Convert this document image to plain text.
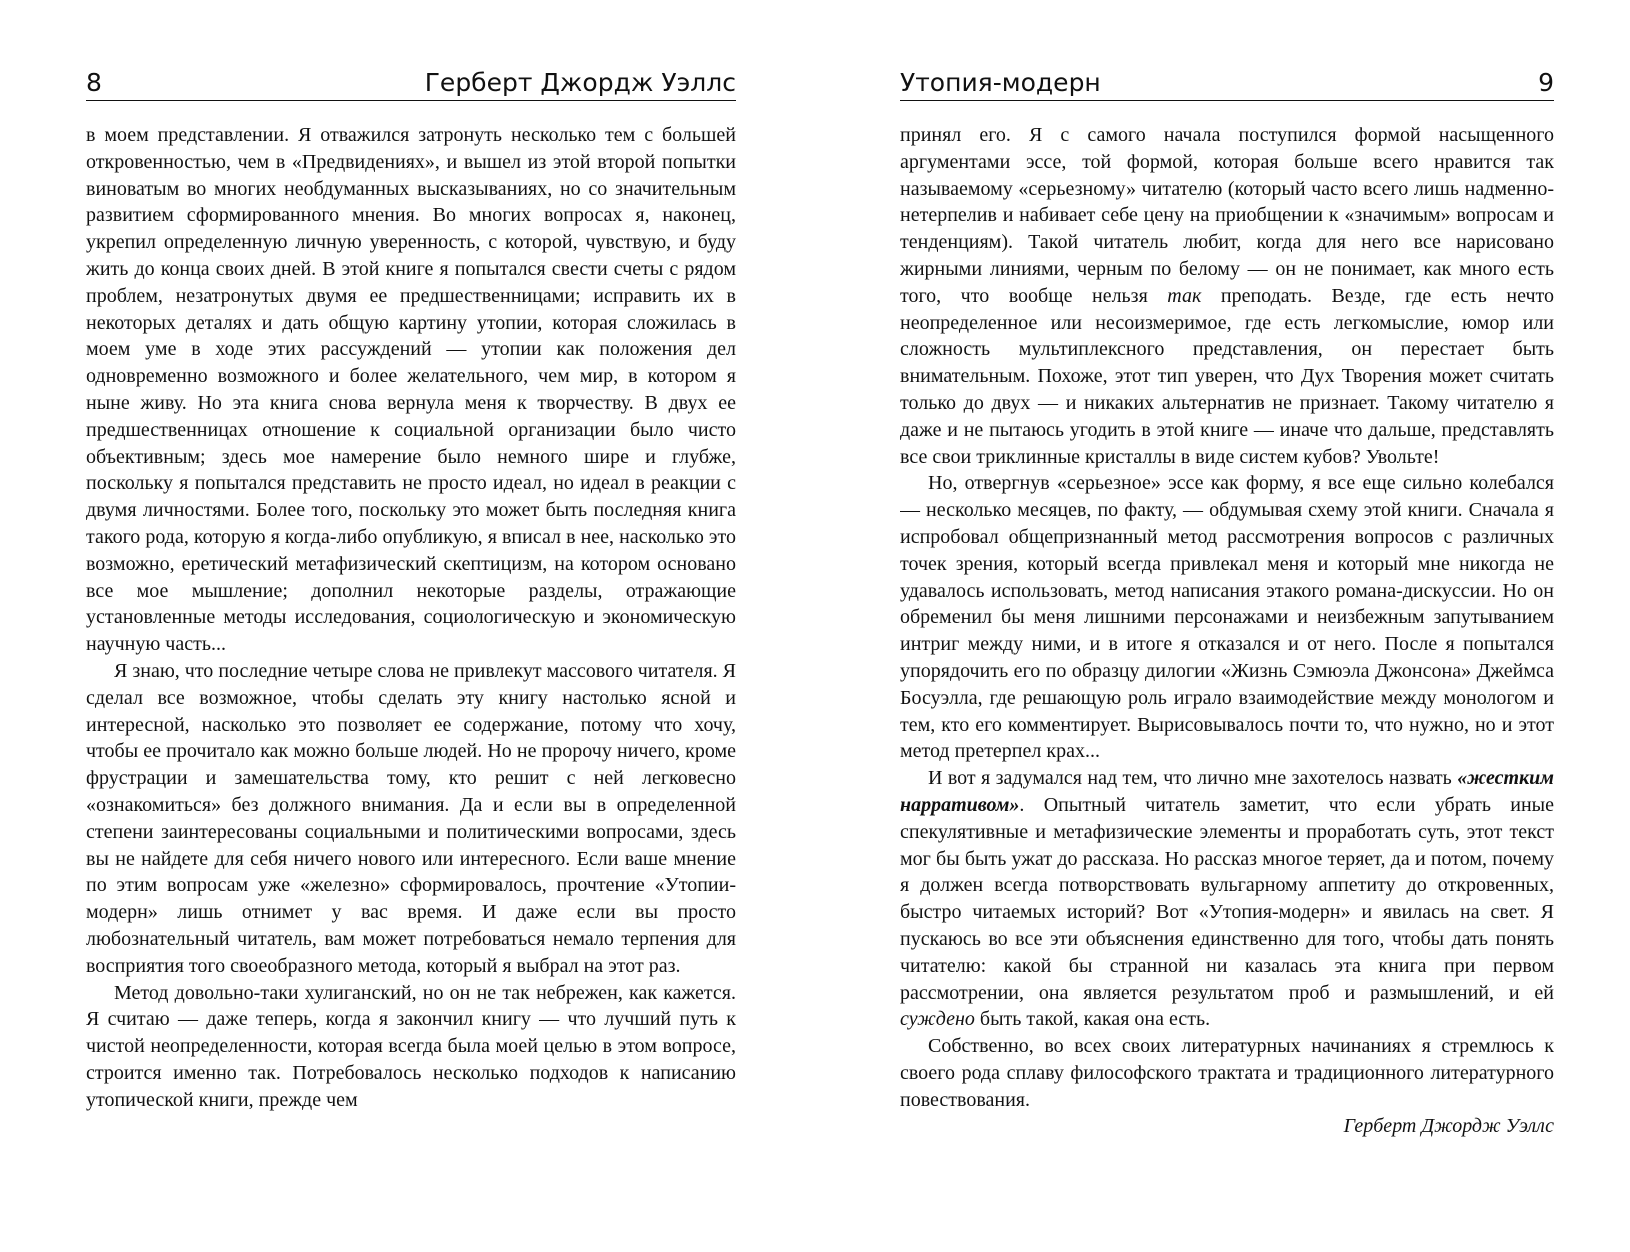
8	Герберт Джордж Уэллс

в моем представлении. Я отважился затронуть несколько тем с большей откровенностью, чем в «Предвидениях», и вышел из этой второй попытки виноватым во многих необдуманных высказываниях, но со значительным развитием сформированного мнения. Во многих вопросах я, наконец, укрепил определенную личную уверенность, с которой, чувствую, и буду жить до конца своих дней. В этой книге я попытался свести счеты с рядом проблем, незатронутых двумя ее предшественницами; исправить их в некоторых деталях и дать общую картину утопии, которая сложилась в моем уме в ходе этих рассуждений — утопии как положения дел одновременно возможного и более желательного, чем мир, в котором я ныне живу. Но эта книга снова вернула меня к творчеству. В двух ее предшественницах отношение к социальной организации было чисто объективным; здесь мое намерение было немного шире и глубже, поскольку я попытался представить не просто идеал, но идеал в реакции с двумя личностями. Более того, поскольку это может быть последняя книга такого рода, которую я когда-либо опубликую, я вписал в нее, насколько это возможно, еретический метафизический скептицизм, на котором основано все мое мышление; дополнил некоторые разделы, отражающие установленные методы исследования, социологическую и экономическую научную часть...

Я знаю, что последние четыре слова не привлекут массового читателя. Я сделал все возможное, чтобы сделать эту книгу настолько ясной и интересной, насколько это позволяет ее содержание, потому что хочу, чтобы ее прочитало как можно больше людей. Но не пророчу ничего, кроме фрустрации и замешательства тому, кто решит с ней легковесно «ознакомиться» без должного внимания. Да и если вы в определенной степени заинтересованы социальными и политическими вопросами, здесь вы не найдете для себя ничего нового или интересного. Если ваше мнение по этим вопросам уже «железно» сформировалось, прочтение «Утопии-модерн» лишь отнимет у вас время. И даже если вы просто любознательный читатель, вам может потребоваться немало терпения для восприятия того своеобразного метода, который я выбрал на этот раз.

Метод довольно-таки хулиганский, но он не так небрежен, как кажется. Я считаю — даже теперь, когда я закончил книгу — что лучший путь к чистой неопределенности, которая всегда была моей целью в этом вопросе, строится именно так. Потребовалось несколько подходов к написанию утопической книги, прежде чем

Утопия-модерн	9

принял его. Я с самого начала поступился формой насыщенного аргументами эссе, той формой, которая больше всего нравится так называемому «серьезному» читателю (который часто всего лишь надменно-нетерпелив и набивает себе цену на приобщении к «значимым» вопросам и тенденциям). Такой читатель любит, когда для него все нарисовано жирными линиями, черным по белому — он не понимает, как много есть того, что вообще нельзя так преподать. Везде, где есть нечто неопределенное или несоизмеримое, где есть легкомыслие, юмор или сложность мультиплексного представления, он перестает быть внимательным. Похоже, этот тип уверен, что Дух Творения может считать только до двух — и никаких альтернатив не признает. Такому читателю я даже и не пытаюсь угодить в этой книге — иначе что дальше, представлять все свои триклинные кристаллы в виде систем кубов? Увольте!

Но, отвергнув «серьезное» эссе как форму, я все еще сильно колебался — несколько месяцев, по факту, — обдумывая схему этой книги. Сначала я испробовал общепризнанный метод рассмотрения вопросов с различных точек зрения, который всегда привлекал меня и который мне никогда не удавалось использовать, метод написания этакого романа-дискуссии. Но он обременил бы меня лишними персонажами и неизбежным запутыванием интриг между ними, и в итоге я отказался и от него. После я попытался упорядочить его по образцу дилогии «Жизнь Сэмюэла Джонсона» Джеймса Босуэлла, где решающую роль играло взаимодействие между монологом и тем, кто его комментирует. Вырисовывалось почти то, что нужно, но и этот метод претерпел крах...

И вот я задумался над тем, что лично мне захотелось назвать «жестким нарративом». Опытный читатель заметит, что если убрать иные спекулятивные и метафизические элементы и проработать суть, этот текст мог бы быть ужат до рассказа. Но рассказ многое теряет, да и потом, почему я должен всегда потворствовать вульгарному аппетиту до откровенных, быстро читаемых историй? Вот «Утопия-модерн» и явилась на свет. Я пускаюсь во все эти объяснения единственно для того, чтобы дать понять читателю: какой бы странной ни казалась эта книга при первом рассмотрении, она является результатом проб и размышлений, и ей суждено быть такой, какая она есть.

Собственно, во всех своих литературных начинаниях я стремлюсь к своего рода сплаву философского трактата и традиционного литературного повествования.

Герберт Джордж Уэллс
